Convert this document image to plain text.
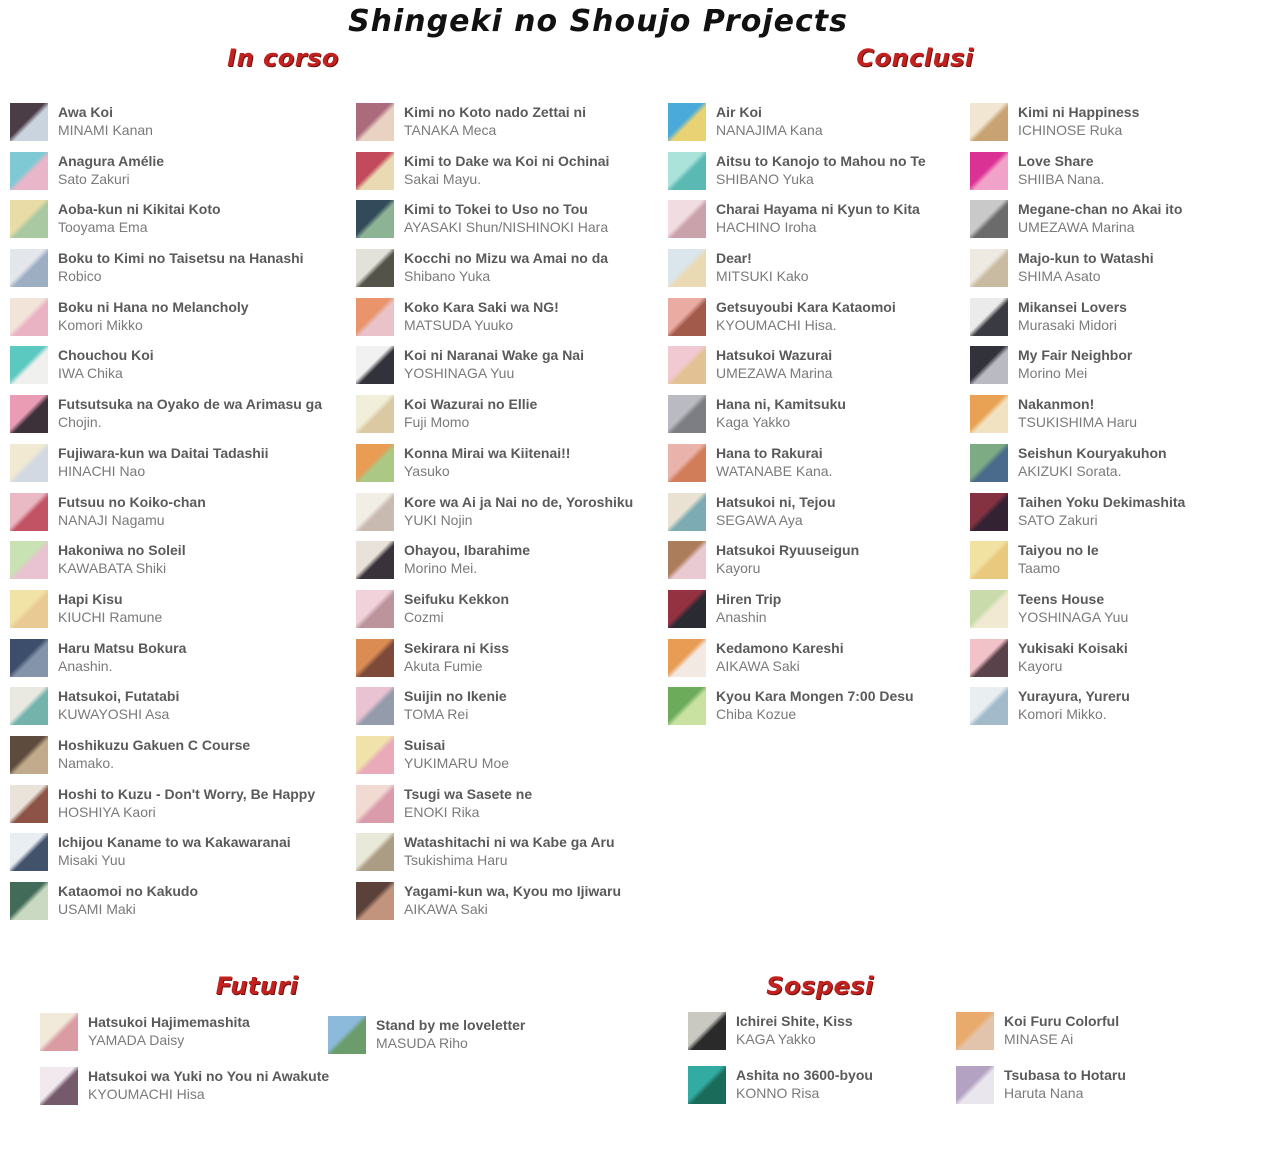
Shingeki no Shoujo Projects
In corso	Conclusi
Futuri	Sospesi
Awa Koi
MINAMI Kanan
Anagura Amélie
Sato Zakuri
Aoba-kun ni Kikitai Koto
Tooyama Ema
Boku to Kimi no Taisetsu na Hanashi
Robico
Boku ni Hana no Melancholy
Komori Mikko
Chouchou Koi
IWA Chika
Futsutsuka na Oyako de wa Arimasu ga
Chojin.
Fujiwara-kun wa Daitai Tadashii
HINACHI Nao
Futsuu no Koiko-chan
NANAJI Nagamu
Hakoniwa no Soleil
KAWABATA Shiki
Hapi Kisu
KIUCHI Ramune
Haru Matsu Bokura
Anashin.
Hatsukoi, Futatabi
KUWAYOSHI Asa
Hoshikuzu Gakuen C Course
Namako.
Hoshi to Kuzu - Don't Worry, Be Happy
HOSHIYA Kaori
Ichijou Kaname to wa Kakawaranai
Misaki Yuu
Kataomoi no Kakudo
USAMI Maki
Kimi no Koto nado Zettai ni
TANAKA Meca
Kimi to Dake wa Koi ni Ochinai
Sakai Mayu.
Kimi to Tokei to Uso no Tou
AYASAKI Shun/NISHINOKI Hara
Kocchi no Mizu wa Amai no da
Shibano Yuka
Koko Kara Saki wa NG!
MATSUDA Yuuko
Koi ni Naranai Wake ga Nai
YOSHINAGA Yuu
Koi Wazurai no Ellie
Fuji Momo
Konna Mirai wa Kiitenai!!
Yasuko
Kore wa Ai ja Nai no de, Yoroshiku
YUKI Nojin
Ohayou, Ibarahime
Morino Mei.
Seifuku Kekkon
Cozmi
Sekirara ni Kiss
Akuta Fumie
Suijin no Ikenie
TOMA Rei
Suisai
YUKIMARU Moe
Tsugi wa Sasete ne
ENOKI Rika
Watashitachi ni wa Kabe ga Aru
Tsukishima Haru
Yagami-kun wa, Kyou mo Ijiwaru
AIKAWA Saki
Air Koi
NANAJIMA Kana
Aitsu to Kanojo to Mahou no Te
SHIBANO Yuka
Charai Hayama ni Kyun to Kita
HACHINO Iroha
Dear!
MITSUKI Kako
Getsuyoubi Kara Kataomoi
KYOUMACHI Hisa.
Hatsukoi Wazurai
UMEZAWA Marina
Hana ni, Kamitsuku
Kaga Yakko
Hana to Rakurai
WATANABE Kana.
Hatsukoi ni, Tejou
SEGAWA Aya
Hatsukoi Ryuuseigun
Kayoru
Hiren Trip
Anashin
Kedamono Kareshi
AIKAWA Saki
Kyou Kara Mongen 7:00 Desu
Chiba Kozue
Kimi ni Happiness
ICHINOSE Ruka
Love Share
SHIIBA Nana.
Megane-chan no Akai ito
UMEZAWA Marina
Majo-kun to Watashi
SHIMA Asato
Mikansei Lovers
Murasaki Midori
My Fair Neighbor
Morino Mei
Nakanmon!
TSUKISHIMA Haru
Seishun Kouryakuhon
AKIZUKI Sorata.
Taihen Yoku Dekimashita
SATO Zakuri
Taiyou no Ie
Taamo
Teens House
YOSHINAGA Yuu
Yukisaki Koisaki
Kayoru
Yurayura, Yureru
Komori Mikko.
Hatsukoi Hajimemashita
YAMADA Daisy
Hatsukoi wa Yuki no You ni Awakute
KYOUMACHI Hisa
Stand by me loveletter
MASUDA Riho
Ichirei Shite, Kiss
KAGA Yakko
Ashita no 3600-byou
KONNO Risa
Koi Furu Colorful
MINASE Ai
Tsubasa to Hotaru
Haruta Nana
